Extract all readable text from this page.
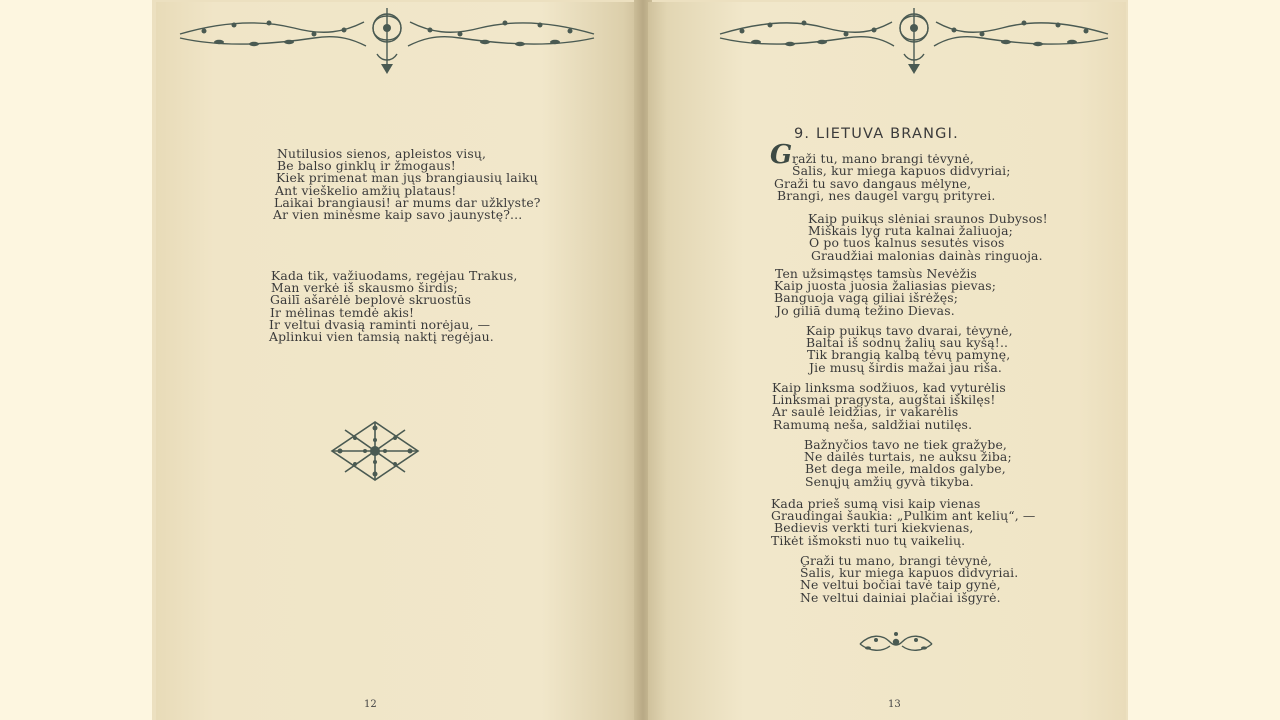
Nutilusios sienos, apleistos visų,
Be balso ginklų ir žmogaus!
Kiek primenat man jųs brangiausių laikų
Ant vieškelio amžių plataus!
Laikai brangiausi! ar mums dar užklyste?
Ar vien minėsme kaip savo jaunystę?...
Kada tik, važiuodams, regėjau Trakus,
Man verkė iš skausmo širdis;
Gailī ašarėlė beplovė skruostūs
Ir mėlinas temdė akis!
Ir veltui dvasią raminti norėjau, —
Aplinkui vien tamsią naktį regėjau.
12
9. LIETUVA BRANGI.
G raži tu, mano brangi tėvynė,
Šalis, kur miega kapuos didvyriai;
Graži tu savo dangaus mėlyne,
Brangi, nes daugel vargų prityrei.
Kaip puikųs slėniai sraunos Dubysos!
Miškais lyg ruta kalnai žaliuoja;
O po tuos kalnus sesutės visos
Graudžiai malonias dainàs ringuoja.
Ten užsimąstęs tamsùs Nevėžis
Kaip juosta juosia žaliasias pievas;
Banguoja vagą giliai išrėžęs;
Jo giliā dumą težino Dievas.
Kaip puikųs tavo dvarai, tėvynė,
Baltai iš sodnų žalių sau kyšą!..
Tik brangią kalbą tėvų pamynę,
Jie musų širdis mažai jau riša.
Kaip linksma sodžiuos, kad vyturėlis
Linksmai pragysta, augštai iškilęs!
Ar saulė leidžias, ir vakarėlis
Ramumą neša, saldžiai nutilęs.
Bažnyčios tavo ne tiek gražybe,
Ne dailės turtais, ne auksu žiba;
Bet dega meile, maldos galybe,
Senųjų amžių gyvà tikyba.
Kada prieš sumą visi kaip vienas
Graudingai šaukia: „Pulkim ant kelių“, —
Bedievis verkti turi kiekvienas,
Tikėt išmoksti nuo tų vaikelių.
Graži tu mano, brangi tėvynė,
Šalis, kur miega kapuos didvyriai.
Ne veltui bočiai tavė taip gynė,
Ne veltui dainiai plačiai išgyrė.
13
